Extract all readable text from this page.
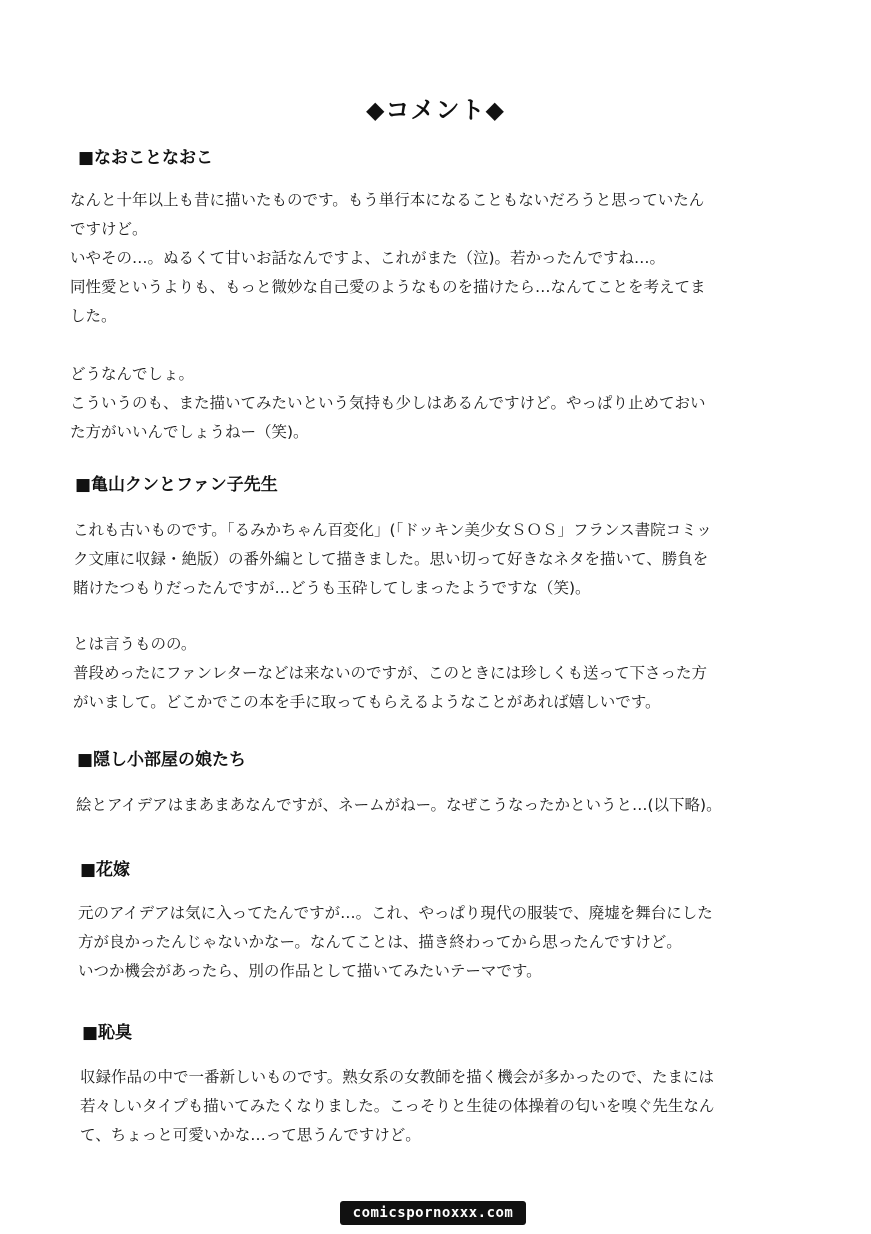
◆コメント◆
■なおことなおこ
なんと十年以上も昔に描いたものです。もう単行本になることもないだろうと思っていたん
ですけど。
いやその…。ぬるくて甘いお話なんですよ、これがまた（泣)。若かったんですね…。
同性愛というよりも、もっと微妙な自己愛のようなものを描けたら…なんてことを考えてま
した。
どうなんでしょ。
こういうのも、また描いてみたいという気持も少しはあるんですけど。やっぱり止めておい
た方がいいんでしょうねー（笑)。
■亀山クンとファン子先生
これも古いものです。「るみかちゃん百変化」(「ドッキン美少女ＳＯＳ」フランス書院コミッ
ク文庫に収録・絶版）の番外編として描きました。思い切って好きなネタを描いて、勝負を
賭けたつもりだったんですが…どうも玉砕してしまったようですな（笑)。
とは言うものの。
普段めったにファンレターなどは来ないのですが、このときには珍しくも送って下さった方
がいまして。どこかでこの本を手に取ってもらえるようなことがあれば嬉しいです。
■隠し小部屋の娘たち
絵とアイデアはまあまあなんですが、ネームがねー。なぜこうなったかというと…(以下略)。
■花嫁
元のアイデアは気に入ってたんですが…。これ、やっぱり現代の服装で、廃墟を舞台にした
方が良かったんじゃないかなー。なんてことは、描き終わってから思ったんですけど。
いつか機会があったら、別の作品として描いてみたいテーマです。
■恥臭
収録作品の中で一番新しいものです。熟女系の女教師を描く機会が多かったので、たまには
若々しいタイプも描いてみたくなりました。こっそりと生徒の体操着の匂いを嗅ぐ先生なん
て、ちょっと可愛いかな…って思うんですけど。
comicspornoxxx.com
